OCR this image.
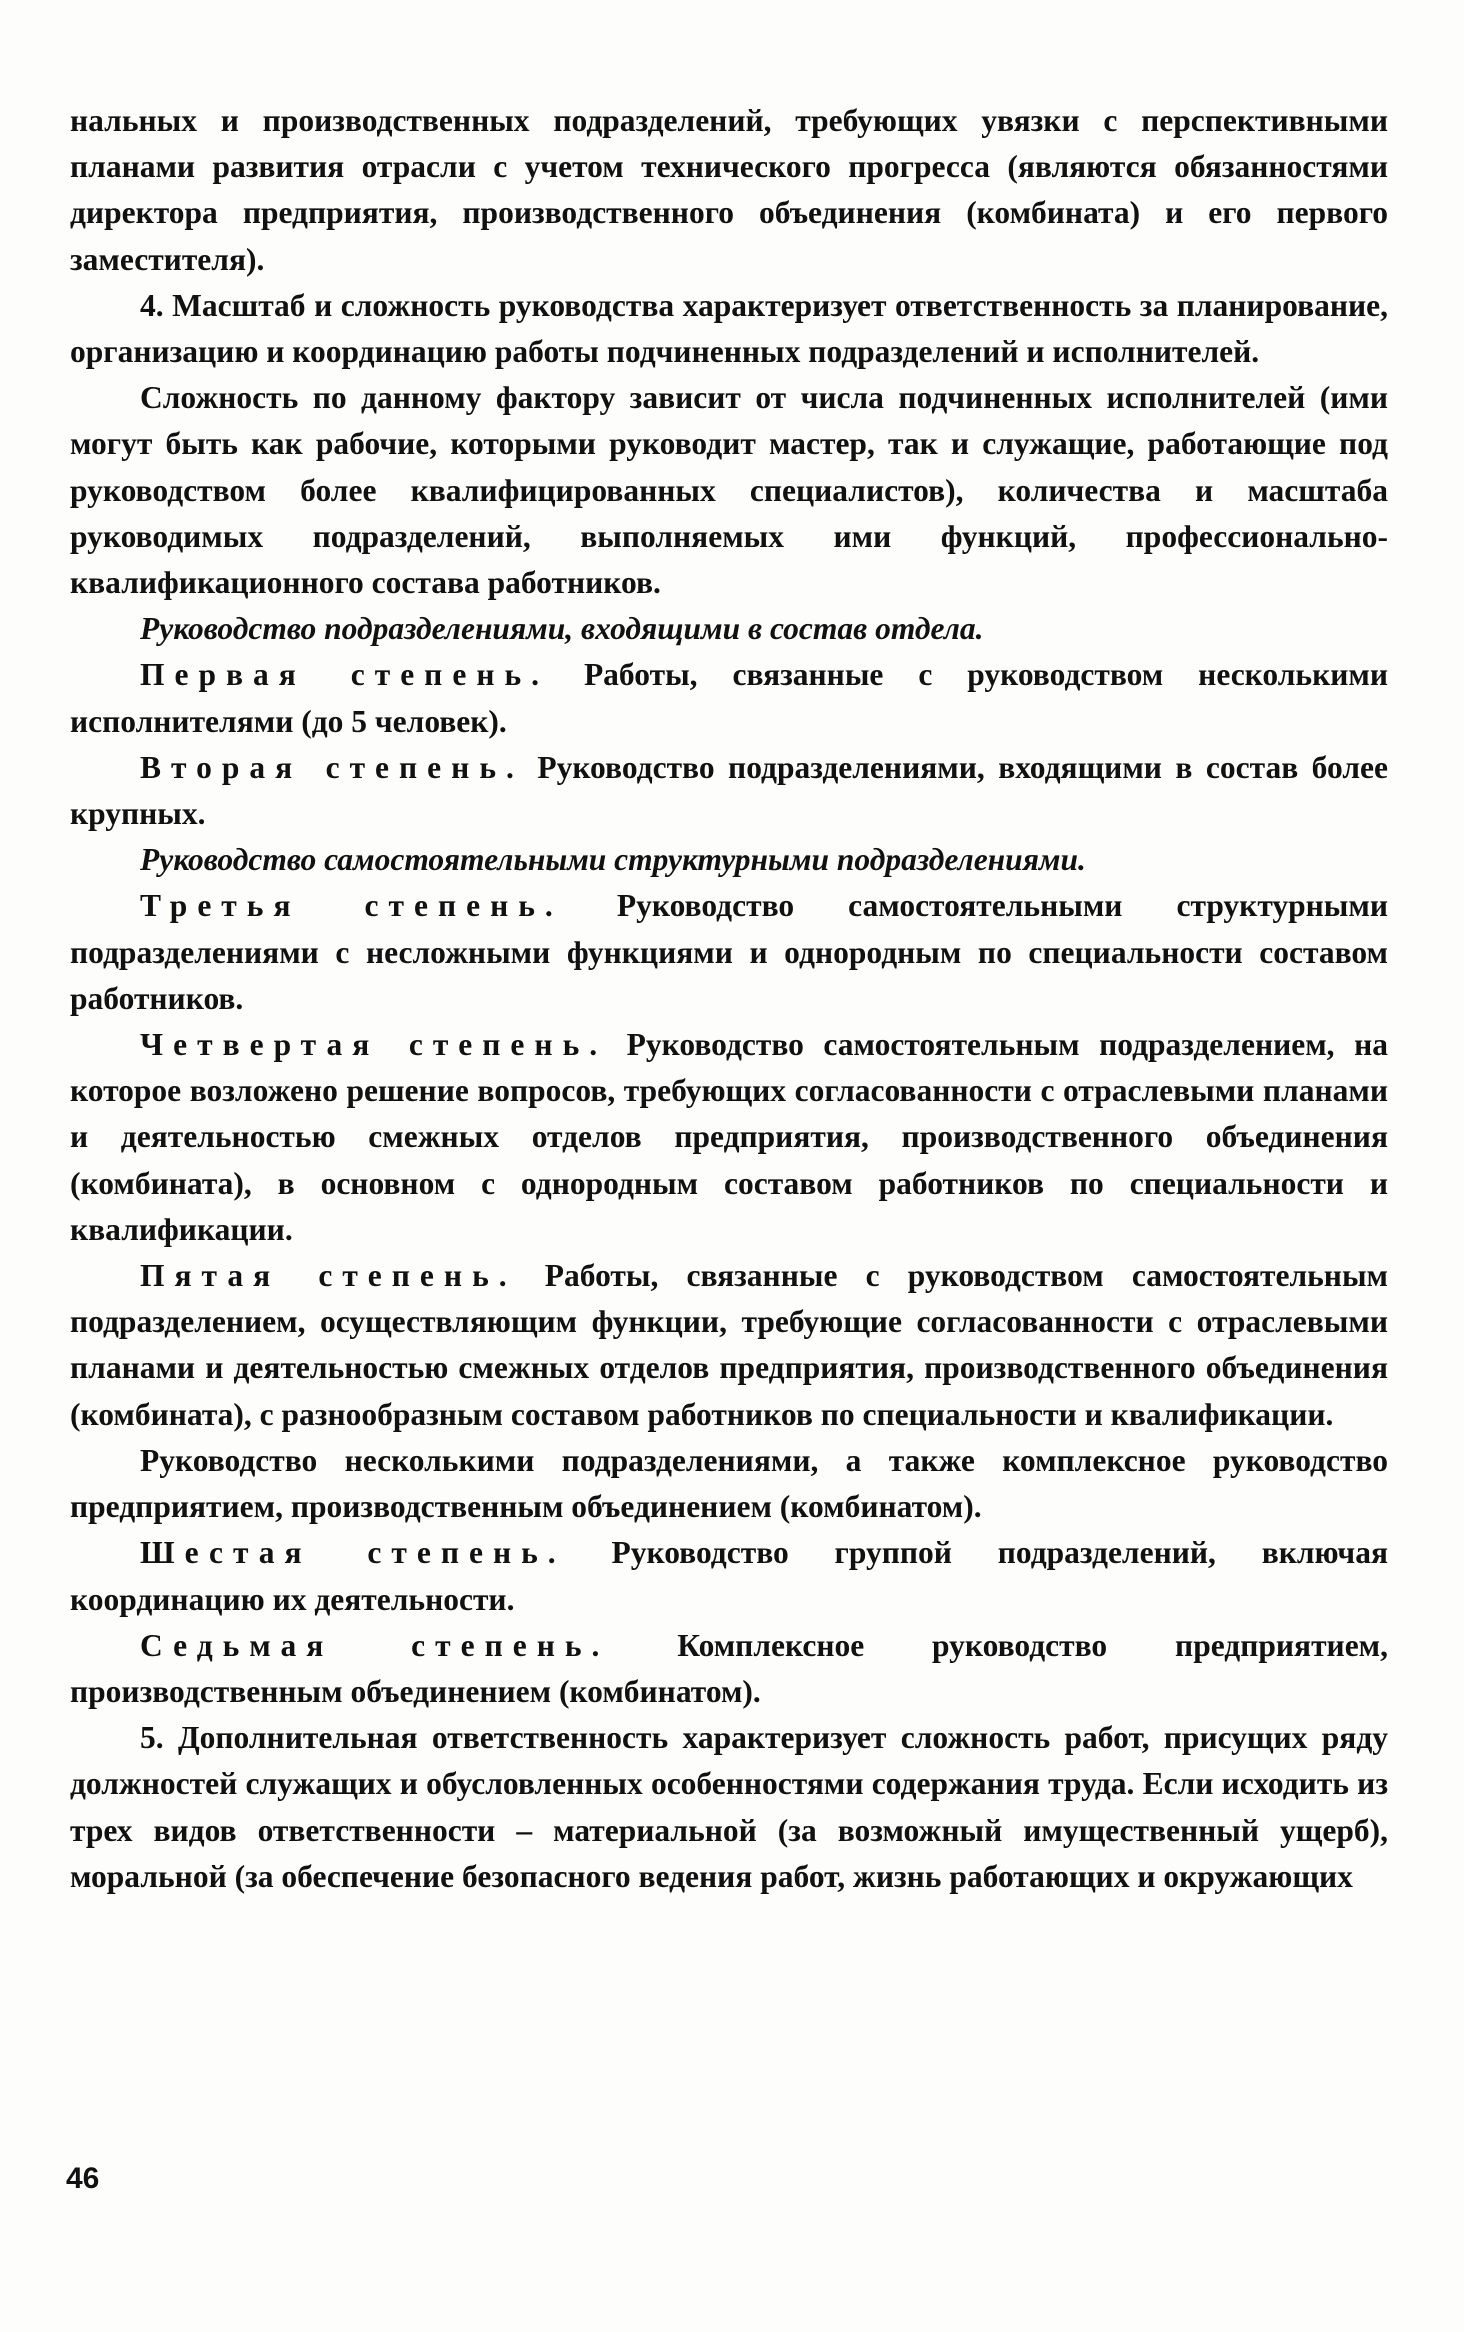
нальных и производственных подразделений, требующих увязки с перспективными планами развития отрасли с учетом технического прогресса (являются обязанностями директора предприятия, производственного объединения (комбината) и его первого заместителя).

4. Масштаб и сложность руководства характеризует ответственность за планирование, организацию и координацию работы подчиненных подразделений и исполнителей.

Сложность по данному фактору зависит от числа подчиненных исполнителей (ими могут быть как рабочие, которыми руководит мастер, так и служащие, работающие под руководством более квалифицированных специалистов), количества и масштаба руководимых подразделений, выполняемых ими функций, профессионально-квалификационного состава работников.

Руководство подразделениями, входящими в состав отдела.

Первая степень. Работы, связанные с руководством несколькими исполнителями (до 5 человек).

Вторая степень. Руководство подразделениями, входящими в состав более крупных.

Руководство самостоятельными структурными подразделениями.

Третья степень. Руководство самостоятельными структурными подразделениями с несложными функциями и однородным по специальности составом работников.

Четвертая степень. Руководство самостоятельным подразделением, на которое возложено решение вопросов, требующих согласованности с отраслевыми планами и деятельностью смежных отделов предприятия, производственного объединения (комбината), в основном с однородным составом работников по специальности и квалификации.

Пятая степень. Работы, связанные с руководством самостоятельным подразделением, осуществляющим функции, требующие согласованности с отраслевыми планами и деятельностью смежных отделов предприятия, производственного объединения (комбината), с разнообразным составом работников по специальности и квалификации.

Руководство несколькими подразделениями, а также комплексное руководство предприятием, производственным объединением (комбинатом).

Шестая степень. Руководство группой подразделений, включая координацию их деятельности.

Седьмая степень. Комплексное руководство предприятием, производственным объединением (комбинатом).

5. Дополнительная ответственность характеризует сложность работ, присущих ряду должностей служащих и обусловленных особенностями содержания труда. Если исходить из трех видов ответственности – материальной (за возможный имущественный ущерб), моральной (за обеспечение безопасного ведения работ, жизнь работающих и окружающих

46
